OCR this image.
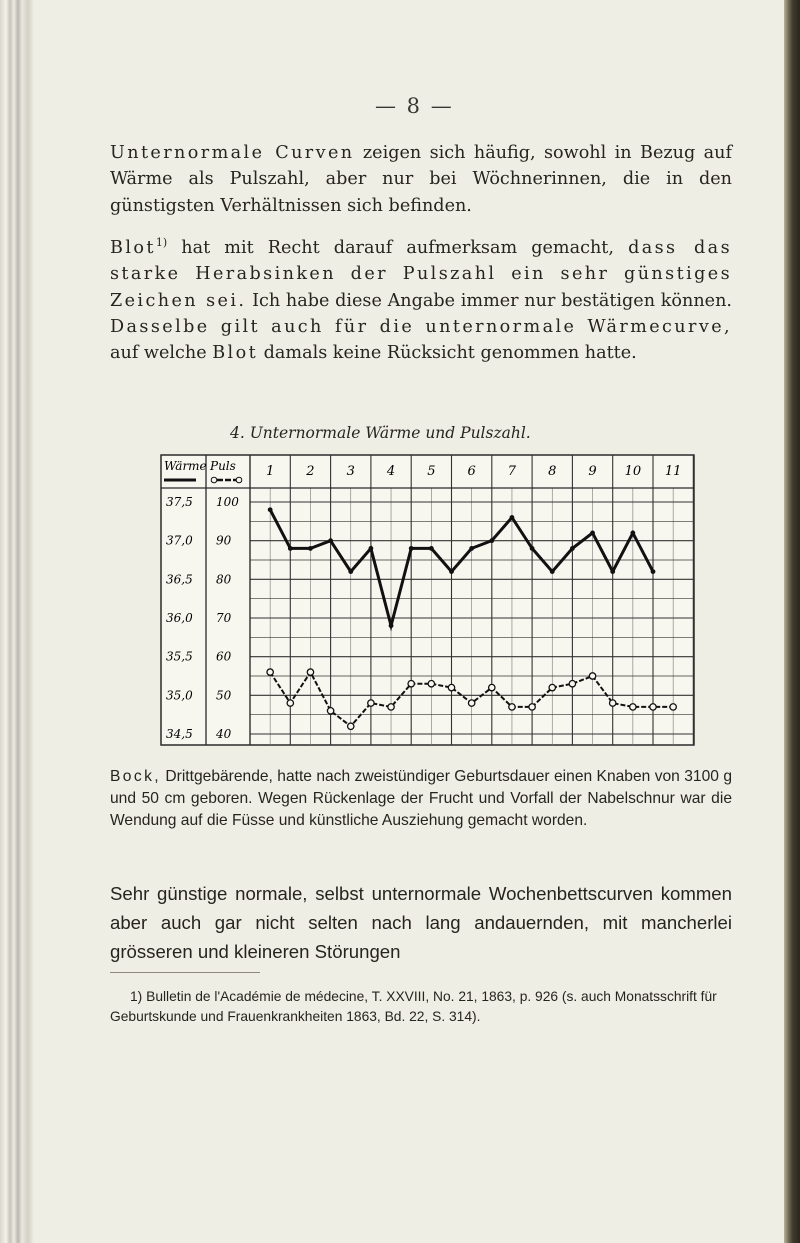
— 8 —

Unternormale Curven zeigen sich häufig, sowohl in Bezug auf Wärme als Pulszahl, aber nur bei Wöchnerinnen, die in den günstigsten Verhältnissen sich befinden.

Blot$^{1)}$ hat mit Recht darauf aufmerksam gemacht, dass das starke Herabsinken der Pulszahl ein sehr günstiges Zeichen sei. Ich habe diese Angabe immer nur bestätigen können. Dasselbe gilt auch für die unternormale Wärmecurve, auf welche Blot damals keine Rücksicht genommen hatte.

4. Unternormale Wärme und Pulszahl.

Wärme Puls 1 2 3 4 5 6 7 8 9 10 11
37,5
37,0
36,5
36,0
35,5
35,0
34,5
100
90
80
70
60
50
40

Bock, Drittgebärende, hatte nach zweistündiger Geburtsdauer einen Knaben von 3100 g und 50 cm geboren. Wegen Rückenlage der Frucht und Vorfall der Nabelschnur war die Wendung auf die Füsse und künstliche Ausziehung gemacht worden.

Sehr günstige normale, selbst unternormale Wochenbettscurven kommen aber auch gar nicht selten nach lang andauernden, mit mancherlei grösseren und kleineren Störungen

1) Bulletin de l'Académie de médecine, T. XXVIII, No. 21, 1863, p. 926 (s. auch Monatsschrift für Geburtskunde und Frauenkrankheiten 1863, Bd. 22, S. 314).
